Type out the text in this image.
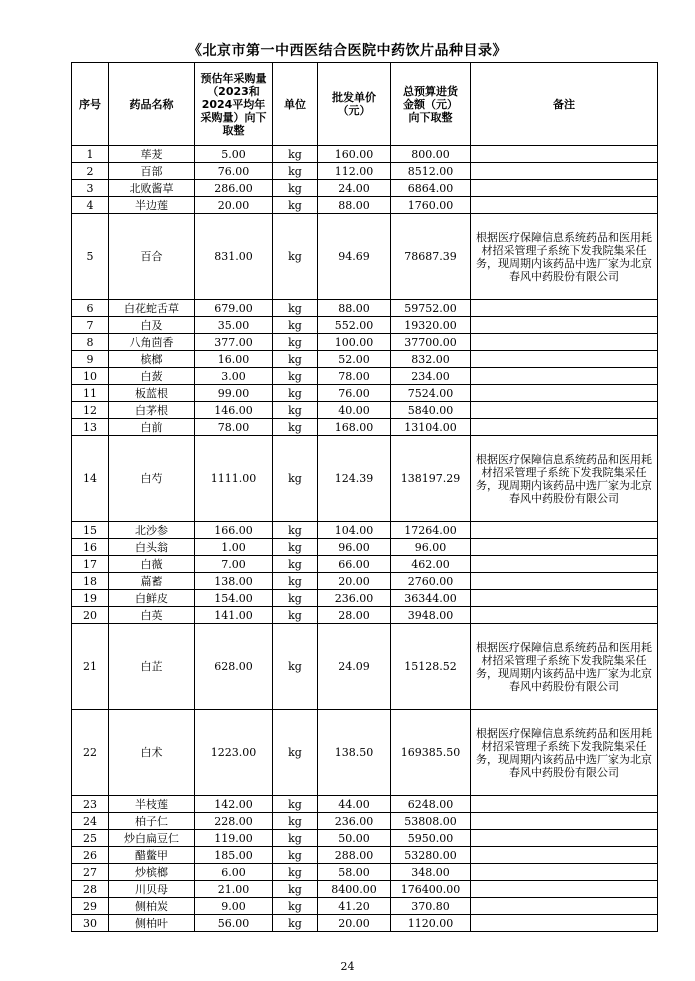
《北京市第一中西医结合医院中药饮片品种目录》
序号	药品名称	预估年采购量（2023和2024平均年采购量）向下取整	单位	批发单价（元）	总预算进货金额（元）向下取整	备注
1	荜茇	5.00	kg	160.00	800.00	
2	百部	76.00	kg	112.00	8512.00	
3	北败酱草	286.00	kg	24.00	6864.00	
4	半边莲	20.00	kg	88.00	1760.00	
5	百合	831.00	kg	94.69	78687.39	根据医疗保障信息系统药品和医用耗材招采管理子系统下发我院集采任务，现周期内该药品中选厂家为北京春风中药股份有限公司
6	白花蛇舌草	679.00	kg	88.00	59752.00	
7	白及	35.00	kg	552.00	19320.00	
8	八角茴香	377.00	kg	100.00	37700.00	
9	槟榔	16.00	kg	52.00	832.00	
10	白蔹	3.00	kg	78.00	234.00	
11	板蓝根	99.00	kg	76.00	7524.00	
12	白茅根	146.00	kg	40.00	5840.00	
13	白前	78.00	kg	168.00	13104.00	
14	白芍	1111.00	kg	124.39	138197.29	根据医疗保障信息系统药品和医用耗材招采管理子系统下发我院集采任务，现周期内该药品中选厂家为北京春风中药股份有限公司
15	北沙参	166.00	kg	104.00	17264.00	
16	白头翁	1.00	kg	96.00	96.00	
17	白薇	7.00	kg	66.00	462.00	
18	萹蓄	138.00	kg	20.00	2760.00	
19	白鲜皮	154.00	kg	236.00	36344.00	
20	白英	141.00	kg	28.00	3948.00	
21	白芷	628.00	kg	24.09	15128.52	根据医疗保障信息系统药品和医用耗材招采管理子系统下发我院集采任务，现周期内该药品中选厂家为北京春风中药股份有限公司
22	白术	1223.00	kg	138.50	169385.50	根据医疗保障信息系统药品和医用耗材招采管理子系统下发我院集采任务，现周期内该药品中选厂家为北京春风中药股份有限公司
23	半枝莲	142.00	kg	44.00	6248.00	
24	柏子仁	228.00	kg	236.00	53808.00	
25	炒白扁豆仁	119.00	kg	50.00	5950.00	
26	醋鳖甲	185.00	kg	288.00	53280.00	
27	炒槟榔	6.00	kg	58.00	348.00	
28	川贝母	21.00	kg	8400.00	176400.00	
29	侧柏炭	9.00	kg	41.20	370.80	
30	侧柏叶	56.00	kg	20.00	1120.00	
24
